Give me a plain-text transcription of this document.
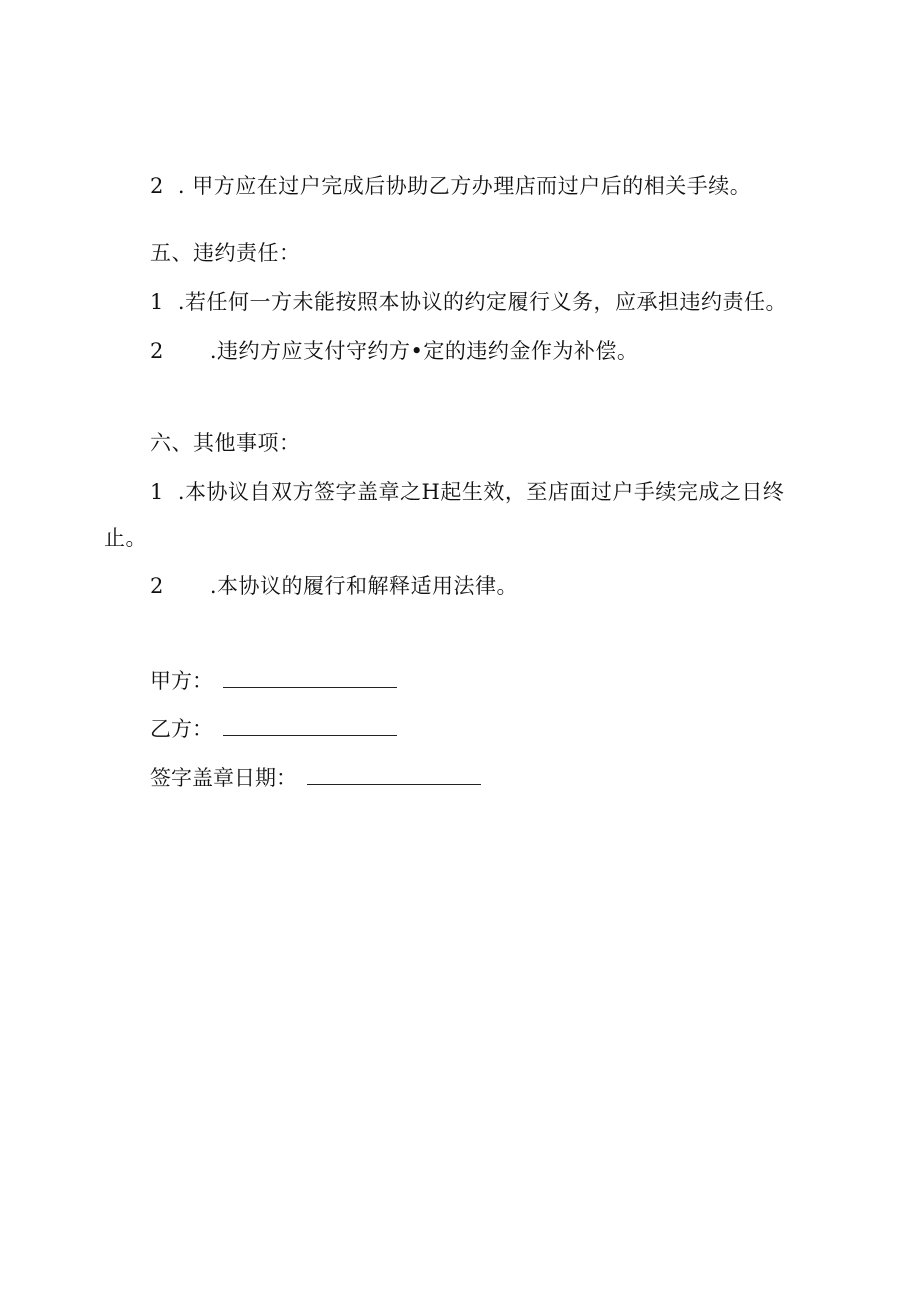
2 . 甲方应在过户完成后协助乙方办理店而过户后的相关手续。
五、违约责任：
1 .若任何一方未能按照本协议的约定履行义务，应承担违约责任。
2 .违约方应支付守约方•定的违约金作为补偿。
六、其他事项：
1 .本协议自双方签字盖章之H起生效，至店面过户手续完成之日终
止。
2 .本协议的履行和解释适用法律。
甲方：
乙方：
签字盖章日期：
